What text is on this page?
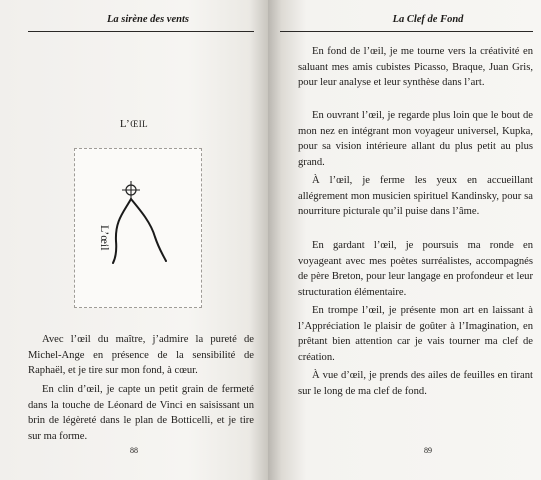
La sirène des vents
L’ŒIL
L’œil

Avec l’œil du maître, j’admire la pureté de Michel-Ange en présence de la sensibilité de Raphaël, et je tire sur mon fond, à cœur.

En clin d’œil, je capte un petit grain de fermeté dans la touche de Léonard de Vinci en saisissant un brin de légèreté dans le plan de Botticelli, et je tire sur ma forme.

88
La Clef de Fond

En fond de l’œil, je me tourne vers la créativité en saluant mes amis cubistes Picasso, Braque, Juan Gris, pour leur analyse et leur synthèse dans l’art.

En ouvrant l’œil, je regarde plus loin que le bout de mon nez en intégrant mon voyageur universel, Kupka, pour sa vision intérieure allant du plus petit au plus grand.

À l’œil, je ferme les yeux en accueillant allégrement mon musicien spirituel Kandinsky, pour sa nourriture picturale qu’il puise dans l’âme.

En gardant l’œil, je poursuis ma ronde en voyageant avec mes poètes surréalistes, accompagnés de père Breton, pour leur langage en profondeur et leur structuration élémentaire.

En trompe l’œil, je présente mon art en laissant à l’Appréciation le plaisir de goûter à l’Imagination, en prêtant bien attention car je vais tourner ma clef de création.

À vue d’œil, je prends des ailes de feuilles en tirant sur le long de ma clef de fond.

89
